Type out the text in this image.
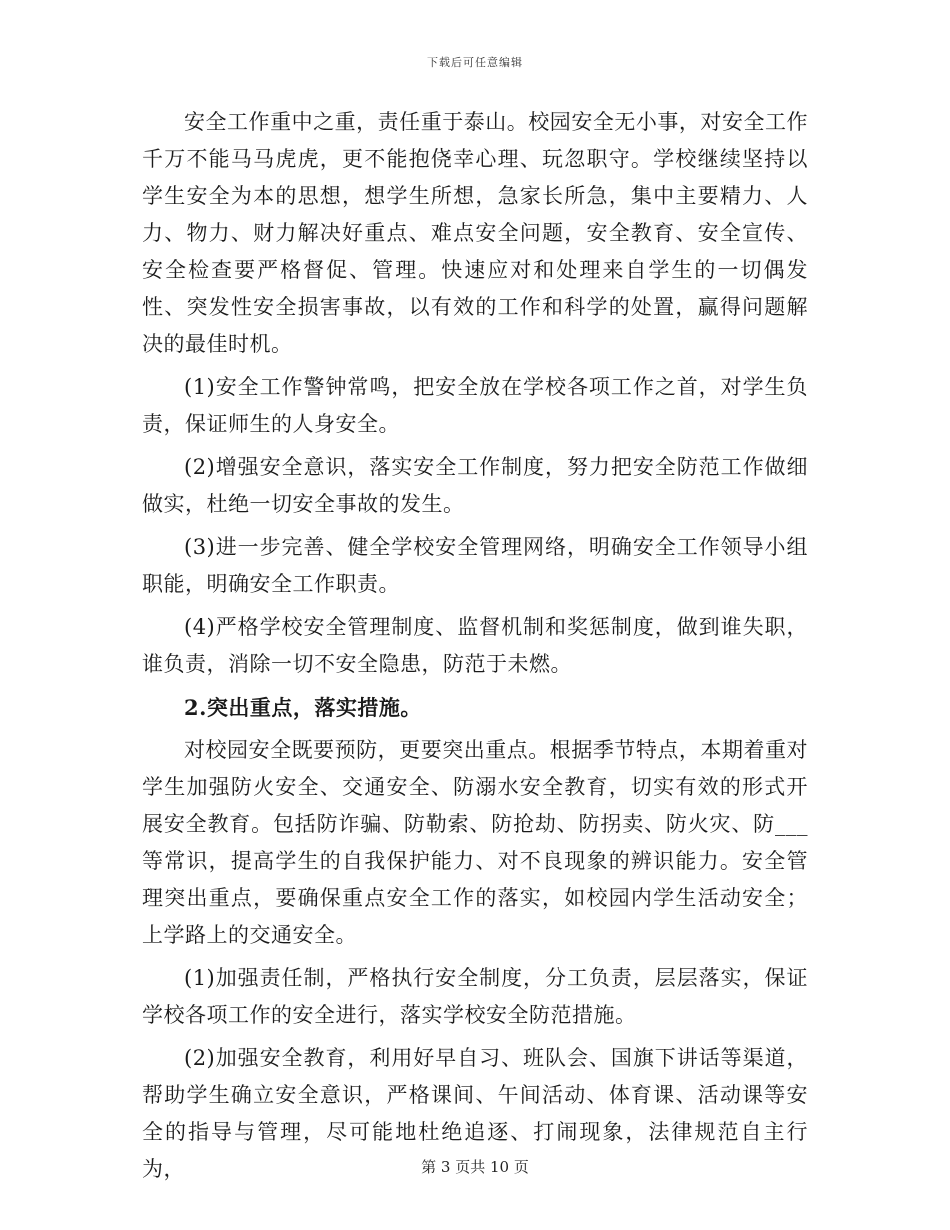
下载后可任意编辑

安全工作重中之重，责任重于泰山。校园安全无小事，对安全工作千万不能马马虎虎，更不能抱侥幸心理、玩忽职守。学校继续坚持以学生安全为本的思想，想学生所想，急家长所急，集中主要精力、人力、物力、财力解决好重点、难点安全问题，安全教育、安全宣传、安全检查要严格督促、管理。快速应对和处理来自学生的一切偶发性、突发性安全损害事故，以有效的工作和科学的处置，赢得问题解决的最佳时机。

(1)安全工作警钟常鸣，把安全放在学校各项工作之首，对学生负责，保证师生的人身安全。

(2)增强安全意识，落实安全工作制度，努力把安全防范工作做细做实，杜绝一切安全事故的发生。

(3)进一步完善、健全学校安全管理网络，明确安全工作领导小组职能，明确安全工作职责。

(4)严格学校安全管理制度、监督机制和奖惩制度，做到谁失职，谁负责，消除一切不安全隐患，防范于未燃。

2.突出重点，落实措施。

对校园安全既要预防，更要突出重点。根据季节特点，本期着重对学生加强防火安全、交通安全、防溺水安全教育，切实有效的形式开展安全教育。包括防诈骗、防勒索、防抢劫、防拐卖、防火灾、防___等常识，提高学生的自我保护能力、对不良现象的辨识能力。安全管理突出重点，要确保重点安全工作的落实，如校园内学生活动安全；上学路上的交通安全。

(1)加强责任制，严格执行安全制度，分工负责，层层落实，保证学校各项工作的安全进行，落实学校安全防范措施。

(2)加强安全教育，利用好早自习、班队会、国旗下讲话等渠道，帮助学生确立安全意识，严格课间、午间活动、体育课、活动课等安全的指导与管理，尽可能地杜绝追逐、打闹现象，法律规范自主行为，	第 3 页共 10 页
